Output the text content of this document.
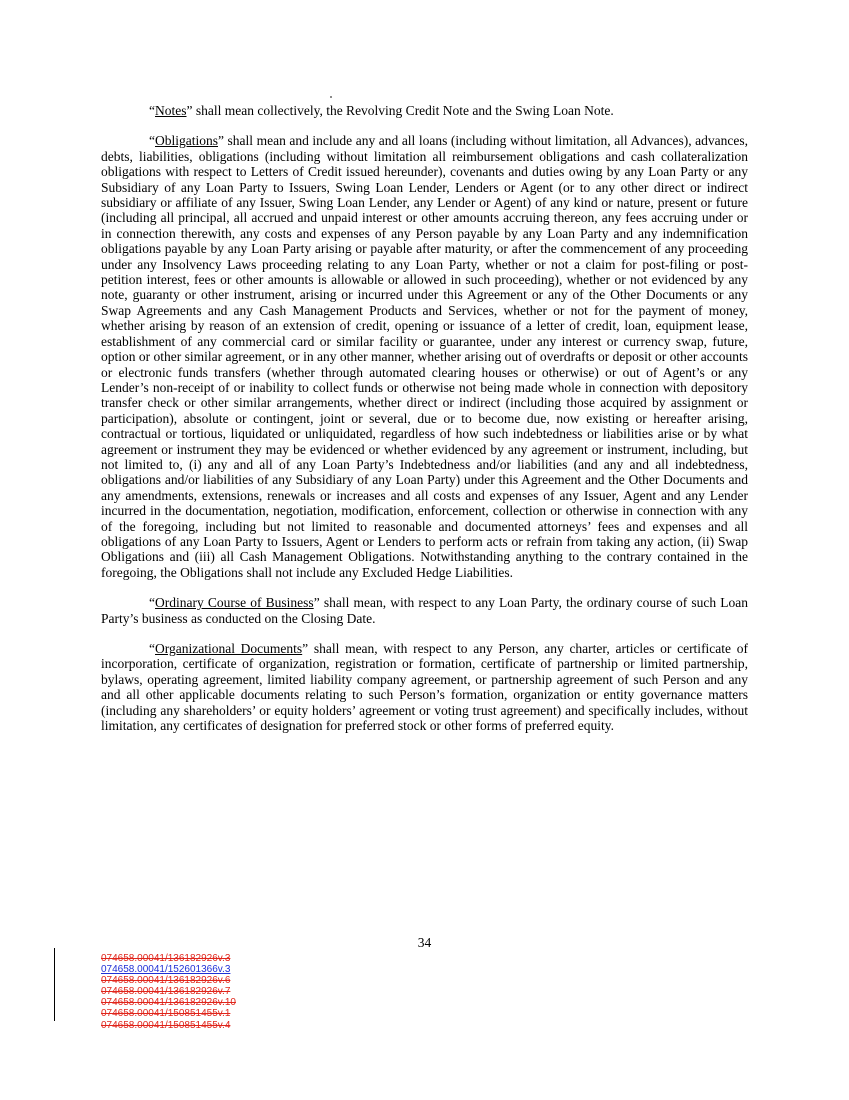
“Notes” shall mean collectively, the Revolving Credit Note and the Swing Loan Note.

“Obligations” shall mean and include any and all loans (including without limitation, all Advances), advances, debts, liabilities, obligations (including without limitation all reimbursement obligations and cash collateralization obligations with respect to Letters of Credit issued hereunder), covenants and duties owing by any Loan Party or any Subsidiary of any Loan Party to Issuers, Swing Loan Lender, Lenders or Agent (or to any other direct or indirect subsidiary or affiliate of any Issuer, Swing Loan Lender, any Lender or Agent) of any kind or nature, present or future (including all principal, all accrued and unpaid interest or other amounts accruing thereon, any fees accruing under or in connection therewith, any costs and expenses of any Person payable by any Loan Party and any indemnification obligations payable by any Loan Party arising or payable after maturity, or after the commencement of any proceeding under any Insolvency Laws proceeding relating to any Loan Party, whether or not a claim for post-filing or post-petition interest, fees or other amounts is allowable or allowed in such proceeding), whether or not evidenced by any note, guaranty or other instrument, arising or incurred under this Agreement or any of the Other Documents or any Swap Agreements and any Cash Management Products and Services, whether or not for the payment of money, whether arising by reason of an extension of credit, opening or issuance of a letter of credit, loan, equipment lease, establishment of any commercial card or similar facility or guarantee, under any interest or currency swap, future, option or other similar agreement, or in any other manner, whether arising out of overdrafts or deposit or other accounts or electronic funds transfers (whether through automated clearing houses or otherwise) or out of Agent’s or any Lender’s non-receipt of or inability to collect funds or otherwise not being made whole in connection with depository transfer check or other similar arrangements, whether direct or indirect (including those acquired by assignment or participation), absolute or contingent, joint or several, due or to become due, now existing or hereafter arising, contractual or tortious, liquidated or unliquidated, regardless of how such indebtedness or liabilities arise or by what agreement or instrument they may be evidenced or whether evidenced by any agreement or instrument, including, but not limited to, (i) any and all of any Loan Party’s Indebtedness and/or liabilities (and any and all indebtedness, obligations and/or liabilities of any Subsidiary of any Loan Party) under this Agreement and the Other Documents and any amendments, extensions, renewals or increases and all costs and expenses of any Issuer, Agent and any Lender incurred in the documentation, negotiation, modification, enforcement, collection or otherwise in connection with any of the foregoing, including but not limited to reasonable and documented attorneys’ fees and expenses and all obligations of any Loan Party to Issuers, Agent or Lenders to perform acts or refrain from taking any action, (ii) Swap Obligations and (iii) all Cash Management Obligations. Notwithstanding anything to the contrary contained in the foregoing, the Obligations shall not include any Excluded Hedge Liabilities.

“Ordinary Course of Business” shall mean, with respect to any Loan Party, the ordinary course of such Loan Party’s business as conducted on the Closing Date.

“Organizational Documents” shall mean, with respect to any Person, any charter, articles or certificate of incorporation, certificate of organization, registration or formation, certificate of partnership or limited partnership, bylaws, operating agreement, limited liability company agreement, or partnership agreement of such Person and any and all other applicable documents relating to such Person’s formation, organization or entity governance matters (including any shareholders’ or equity holders’ agreement or voting trust agreement) and specifically includes, without limitation, any certificates of designation for preferred stock or other forms of preferred equity.

34
074658.00041/136182926v.3
074658.00041/152601366v.3
074658.00041/136182926v.6
074658.00041/136182926v.7
074658.00041/136182926v.10
074658.00041/150851455v.1
074658.00041/150851455v.4
